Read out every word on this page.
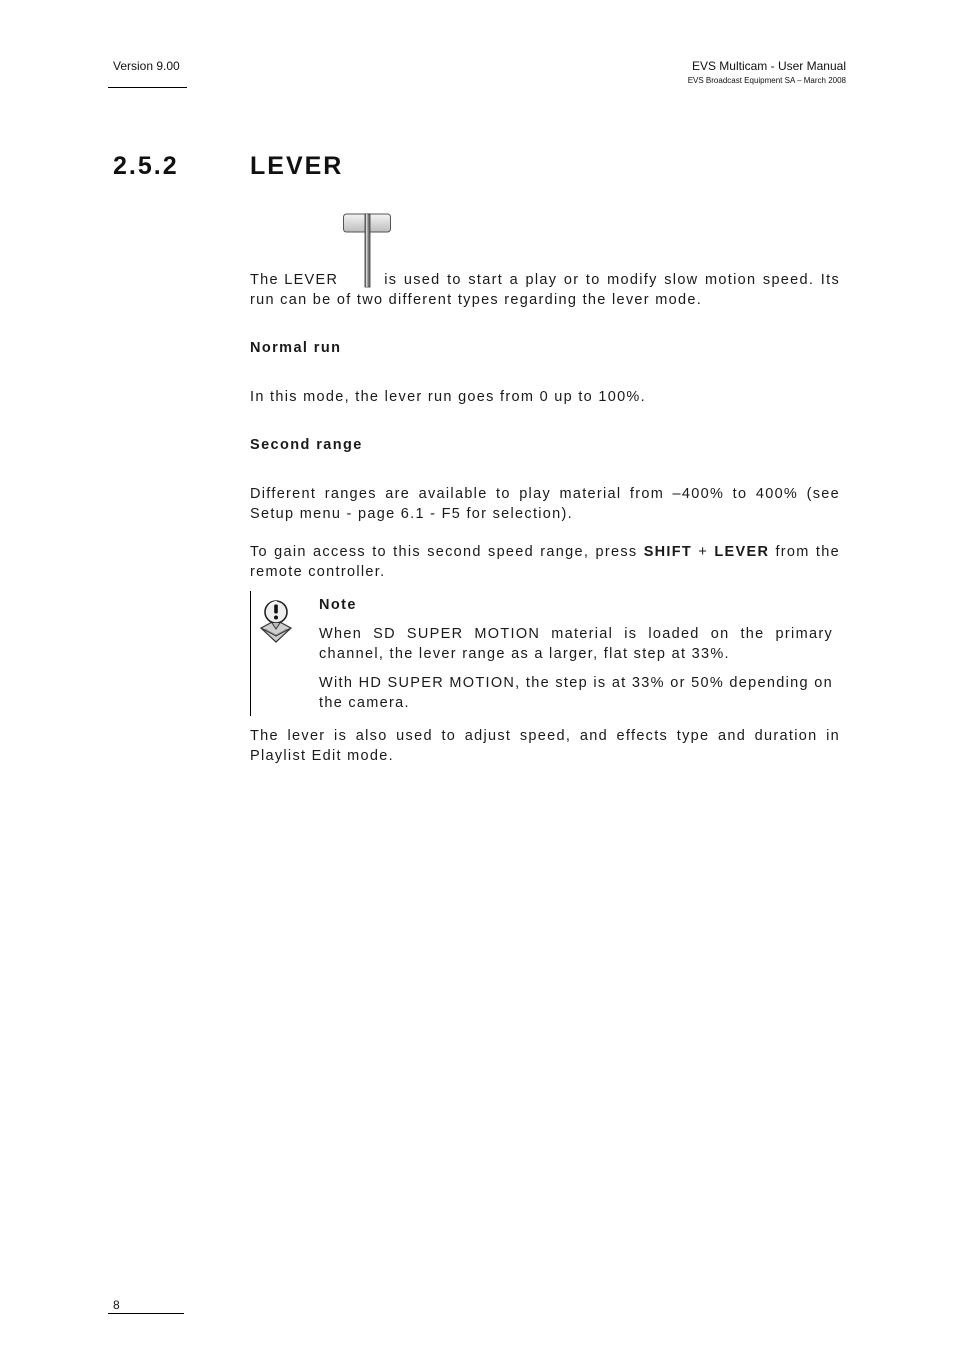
Version 9.00	EVS Multicam - User Manual
EVS Broadcast Equipment SA – March 2008
2.5.2	LEVER
The LEVER	is used to start a play or to modify slow motion speed. Its
run can be of two different types regarding the lever mode.
Normal run
In this mode, the lever run goes from 0 up to 100%.
Second range
Different ranges are available to play material from –400% to 400% (see Setup menu - page 6.1 - F5 for selection).
To gain access to this second speed range, press SHIFT + LEVER from the remote controller.
Note
When SD SUPER MOTION material is loaded on the primary channel, the lever range as a larger, flat step at 33%.
With HD SUPER MOTION, the step is at 33% or 50% depending on the camera.
The lever is also used to adjust speed, and effects type and duration in Playlist Edit mode.
8
